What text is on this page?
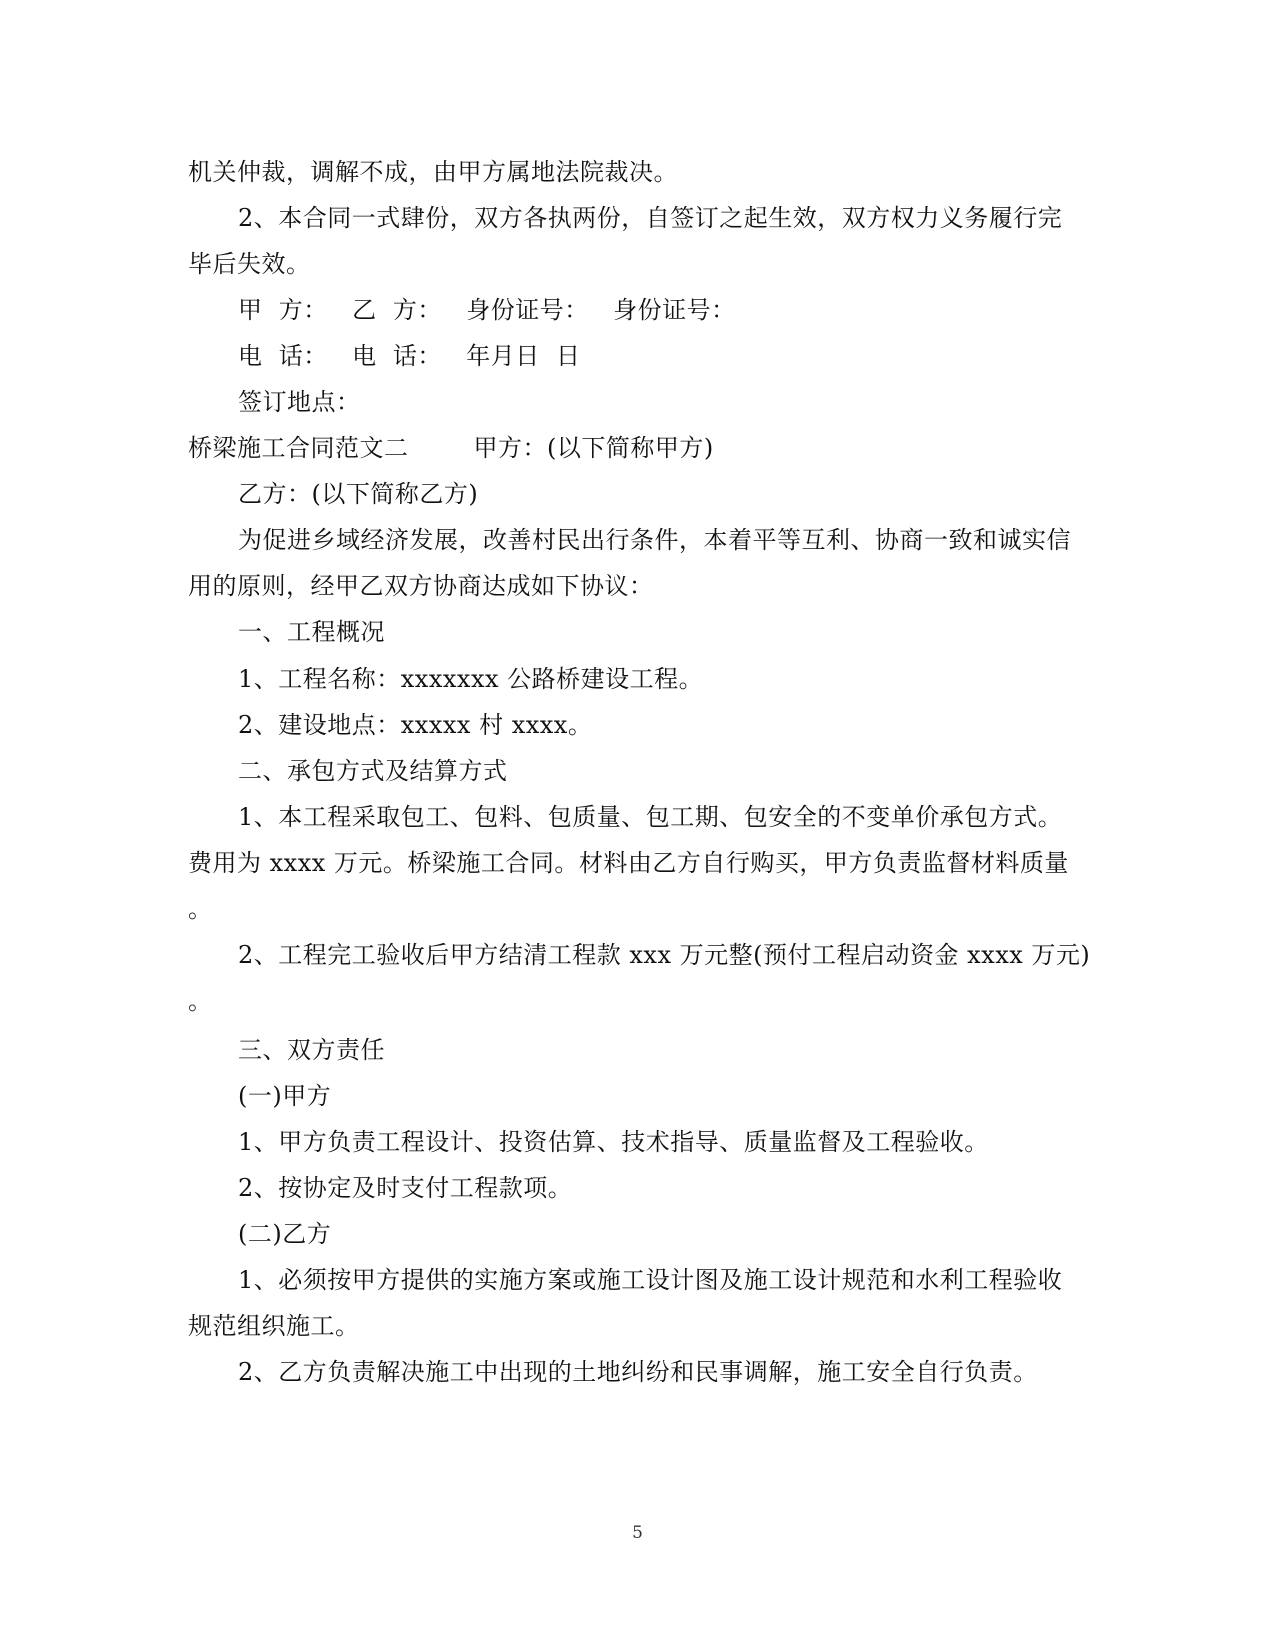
机关仲裁，调解不成，由甲方属地法院裁决。
2、本合同一式肆份，双方各执两份，自签订之起生效，双方权力义务履行完
毕后失效。
甲  方：   乙  方：   身份证号：   身份证号：
电  话：   电  话：   年月日  日
签订地点：
桥梁施工合同范文二        甲方：(以下简称甲方)
乙方：(以下简称乙方)
为促进乡域经济发展，改善村民出行条件，本着平等互利、协商一致和诚实信
用的原则，经甲乙双方协商达成如下协议：
一、工程概况
1、工程名称：xxxxxxx 公路桥建设工程。
2、建设地点：xxxxx 村 xxxx。
二、承包方式及结算方式
1、本工程采取包工、包料、包质量、包工期、包安全的不变单价承包方式。
费用为 xxxx 万元。桥梁施工合同。材料由乙方自行购买，甲方负责监督材料质量
。
2、工程完工验收后甲方结清工程款 xxx 万元整(预付工程启动资金 xxxx 万元)
。
三、双方责任
(一)甲方
1、甲方负责工程设计、投资估算、技术指导、质量监督及工程验收。
2、按协定及时支付工程款项。
(二)乙方
1、必须按甲方提供的实施方案或施工设计图及施工设计规范和水利工程验收
规范组织施工。
2、乙方负责解决施工中出现的土地纠纷和民事调解，施工安全自行负责。
5
